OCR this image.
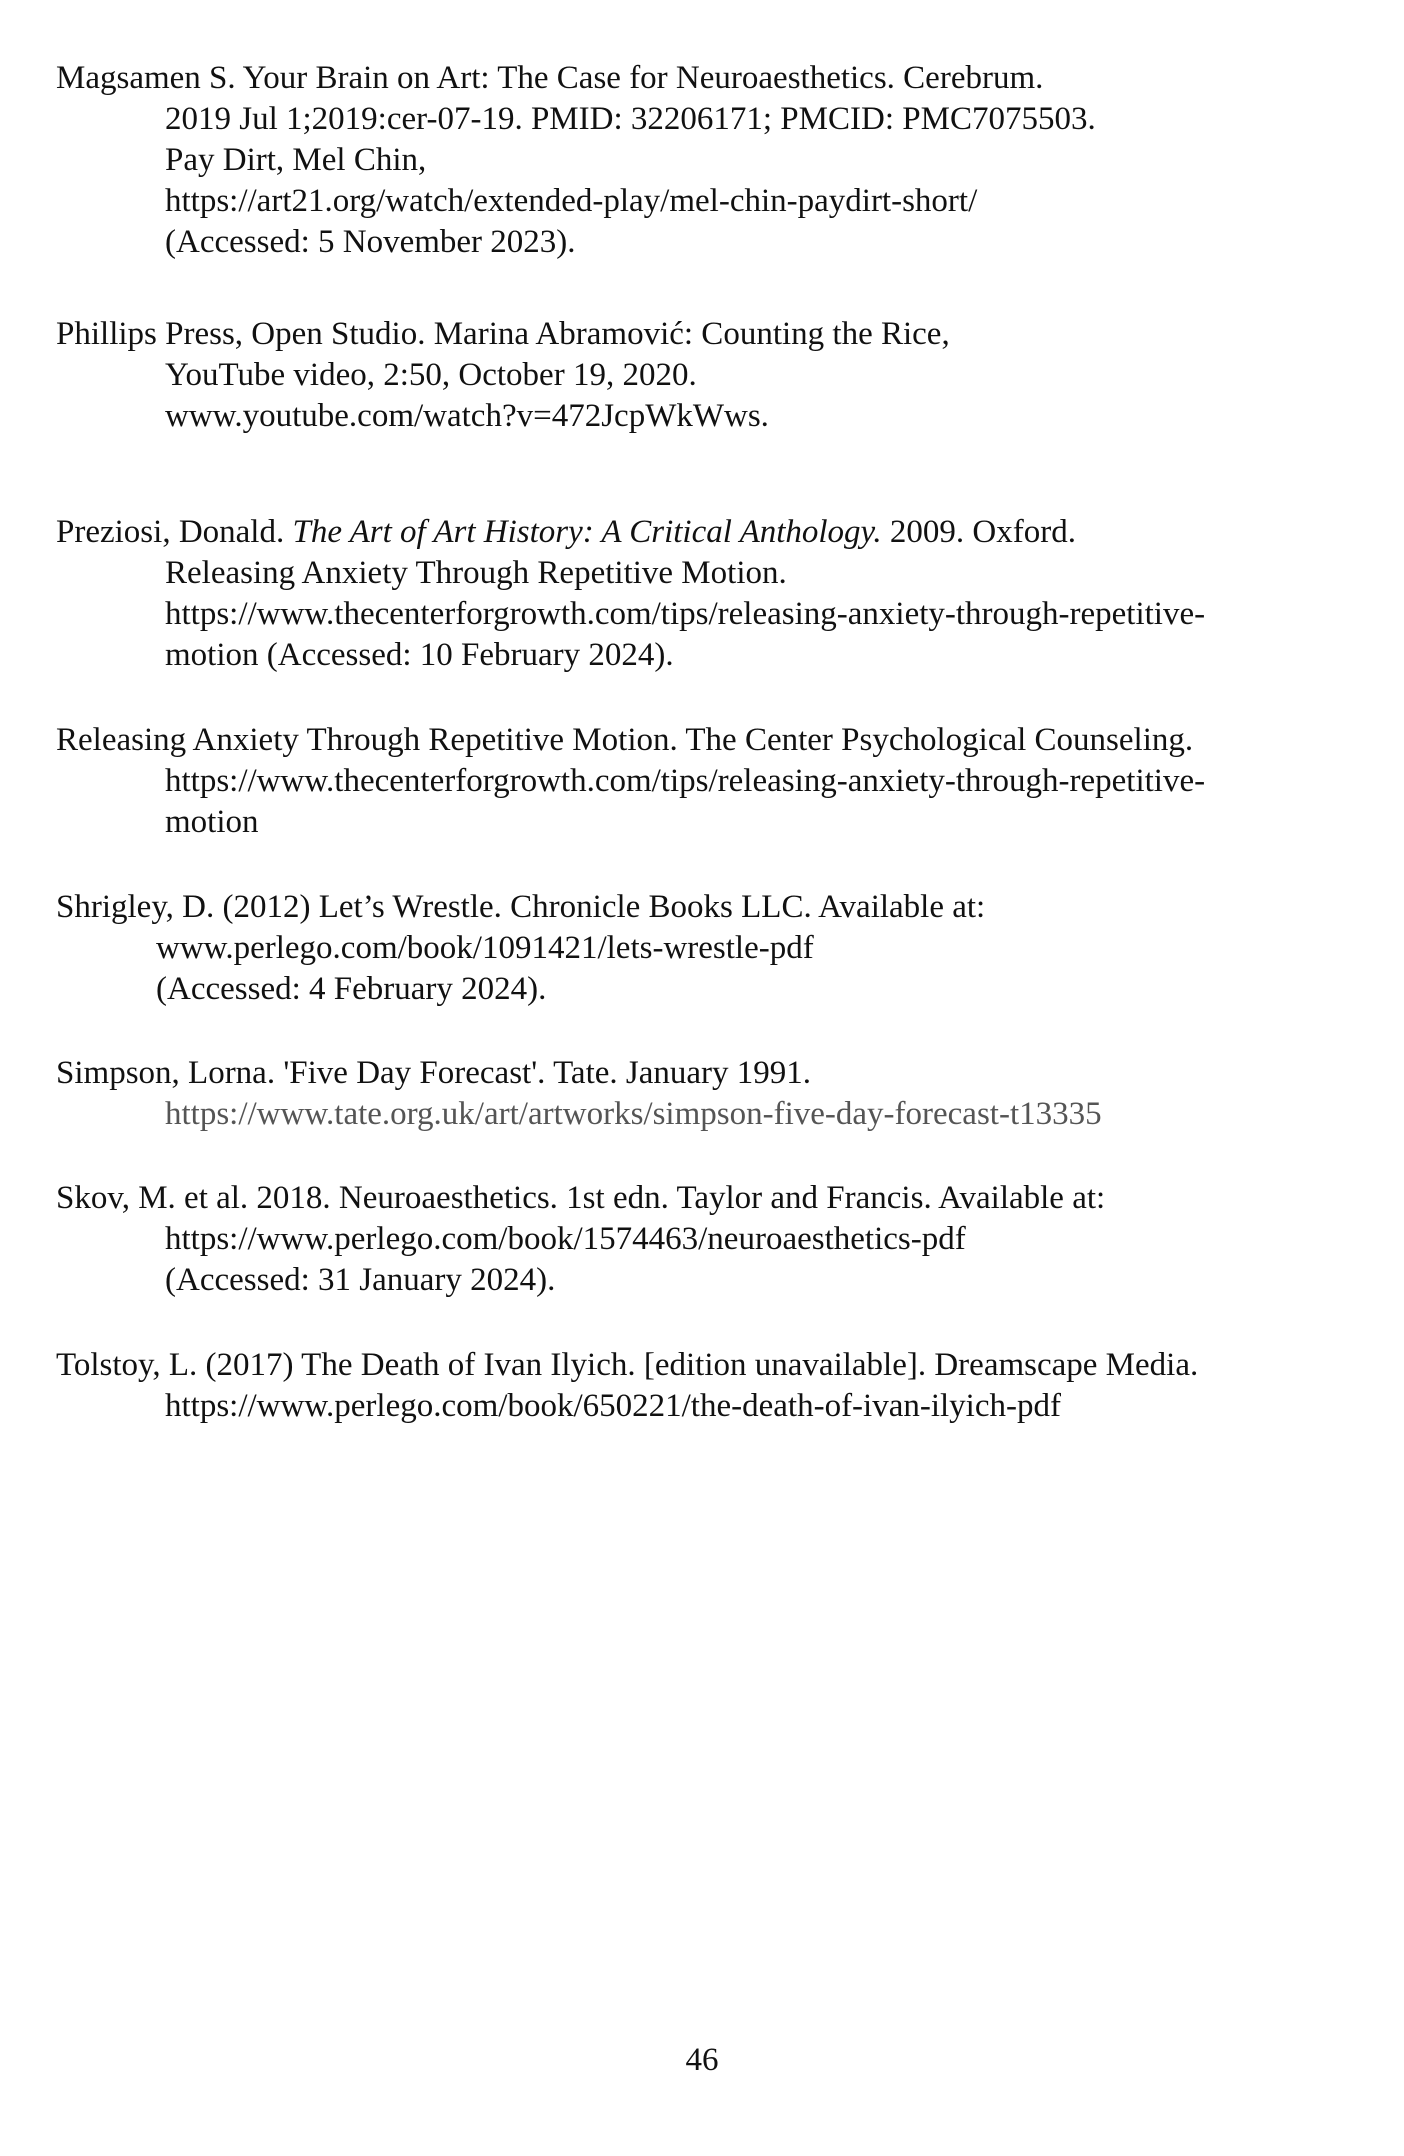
Magsamen S. Your Brain on Art: The Case for Neuroaesthetics. Cerebrum.
2019 Jul 1;2019:cer-07-19. PMID: 32206171; PMCID: PMC7075503.
Pay Dirt, Mel Chin,
https://art21.org/watch/extended-play/mel-chin-paydirt-short/
(Accessed: 5 November 2023).
Phillips Press, Open Studio. Marina Abramović: Counting the Rice,
YouTube video, 2:50, October 19, 2020.
www.youtube.com/watch?v=472JcpWkWws.
Preziosi, Donald. The Art of Art History: A Critical Anthology. 2009. Oxford.
Releasing Anxiety Through Repetitive Motion.
https://www.thecenterforgrowth.com/tips/releasing-anxiety-through-repetitive-
motion (Accessed: 10 February 2024).
Releasing Anxiety Through Repetitive Motion. The Center Psychological Counseling.
https://www.thecenterforgrowth.com/tips/releasing-anxiety-through-repetitive-
motion
Shrigley, D. (2012) Let’s Wrestle. Chronicle Books LLC. Available at:
www.perlego.com/book/1091421/lets-wrestle-pdf
(Accessed: 4 February 2024).
Simpson, Lorna. 'Five Day Forecast'. Tate. January 1991.
https://www.tate.org.uk/art/artworks/simpson-five-day-forecast-t13335
Skov, M. et al. 2018. Neuroaesthetics. 1st edn. Taylor and Francis. Available at:
https://www.perlego.com/book/1574463/neuroaesthetics-pdf
(Accessed: 31 January 2024).
Tolstoy, L. (2017) The Death of Ivan Ilyich. [edition unavailable]. Dreamscape Media.
https://www.perlego.com/book/650221/the-death-of-ivan-ilyich-pdf
46
